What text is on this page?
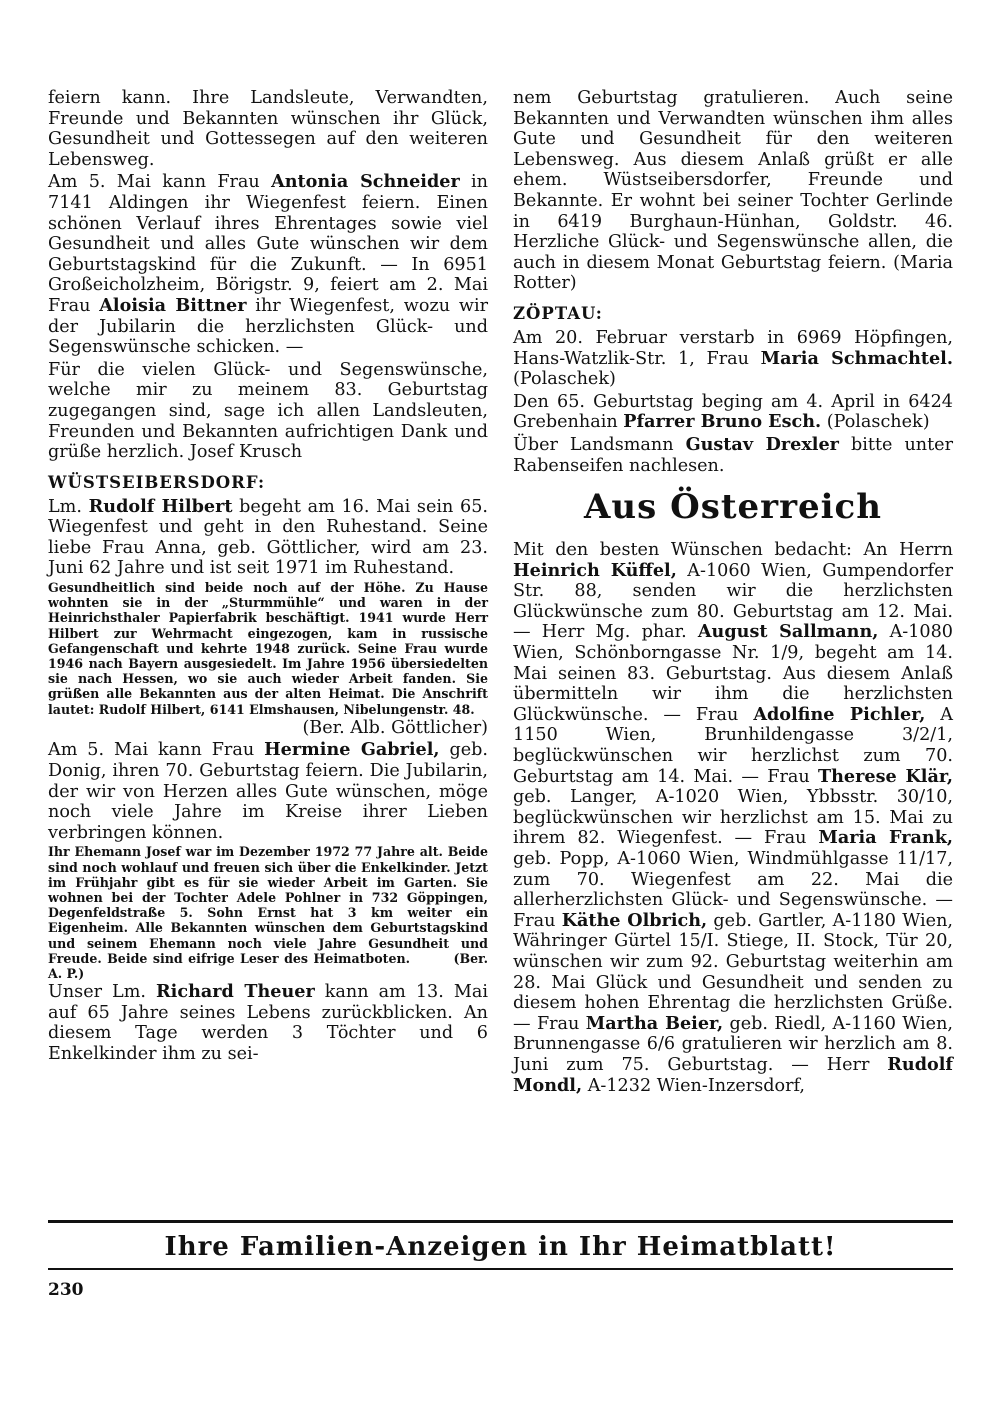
feiern kann. Ihre Landsleute, Verwandten, Freunde und Bekannten wünschen ihr Glück, Gesundheit und Gottessegen auf den weiteren Lebensweg.

Am 5. Mai kann Frau Antonia Schneider in 7141 Aldingen ihr Wiegenfest feiern. Einen schönen Verlauf ihres Ehrentages sowie viel Gesundheit und alles Gute wünschen wir dem Geburtstagskind für die Zukunft. — In 6951 Großeicholzheim, Börigstr. 9, feiert am 2. Mai Frau Aloisia Bittner ihr Wiegenfest, wozu wir der Jubilarin die herzlichsten Glück- und Segenswünsche schicken. —

Für die vielen Glück- und Segenswünsche, welche mir zu meinem 83. Geburtstag zugegangen sind, sage ich allen Landsleuten, Freunden und Bekannten aufrichtigen Dank und grüße herzlich. Josef Krusch

WÜSTSEIBERSDORF:

Lm. Rudolf Hilbert begeht am 16. Mai sein 65. Wiegenfest und geht in den Ruhestand. Seine liebe Frau Anna, geb. Göttlicher, wird am 23. Juni 62 Jahre und ist seit 1971 im Ruhestand.

Gesundheitlich sind beide noch auf der Höhe. Zu Hause wohnten sie in der „Sturmmühle“ und waren in der Heinrichsthaler Papierfabrik beschäftigt. 1941 wurde Herr Hilbert zur Wehrmacht eingezogen, kam in russische Gefangenschaft und kehrte 1948 zurück. Seine Frau wurde 1946 nach Bayern ausgesiedelt. Im Jahre 1956 übersiedelten sie nach Hessen, wo sie auch wieder Arbeit fanden. Sie grüßen alle Bekannten aus der alten Heimat. Die Anschrift lautet: Rudolf Hilbert, 6141 Elmshausen, Nibelungenstr. 48.

(Ber. Alb. Göttlicher)

Am 5. Mai kann Frau Hermine Gabriel, geb. Donig, ihren 70. Geburtstag feiern. Die Jubilarin, der wir von Herzen alles Gute wünschen, möge noch viele Jahre im Kreise ihrer Lieben verbringen können.

Ihr Ehemann Josef war im Dezember 1972 77 Jahre alt. Beide sind noch wohlauf und freuen sich über die Enkelkinder. Jetzt im Frühjahr gibt es für sie wieder Arbeit im Garten. Sie wohnen bei der Tochter Adele Pohlner in 732 Göppingen, Degenfeldstraße 5. Sohn Ernst hat 3 km weiter ein Eigenheim. Alle Bekannten wünschen dem Geburtstagskind und seinem Ehemann noch viele Jahre Gesundheit und Freude. Beide sind eifrige Leser des Heimatboten.        (Ber. A. P.)

Unser Lm. Richard Theuer kann am 13. Mai auf 65 Jahre seines Lebens zurückblicken. An diesem Tage werden 3 Töchter und 6 Enkelkinder ihm zu sei-

nem Geburtstag gratulieren. Auch seine Bekannten und Verwandten wünschen ihm alles Gute und Gesundheit für den weiteren Lebensweg. Aus diesem Anlaß grüßt er alle ehem. Wüstseibersdorfer, Freunde und Bekannte. Er wohnt bei seiner Tochter Gerlinde in 6419 Burghaun-Hünhan, Goldstr. 46. Herzliche Glück- und Segenswünsche allen, die auch in diesem Monat Geburtstag feiern. (Maria Rotter)

ZÖPTAU:

Am 20. Februar verstarb in 6969 Höpfingen, Hans-Watzlik-Str. 1, Frau Maria Schmachtel. (Polaschek)

Den 65. Geburtstag beging am 4. April in 6424 Grebenhain Pfarrer Bruno Esch. (Polaschek)

Über Landsmann Gustav Drexler bitte unter Rabenseifen nachlesen.

Aus Österreich

Mit den besten Wünschen bedacht: An Herrn Heinrich Küffel, A-1060 Wien, Gumpendorfer Str. 88, senden wir die herzlichsten Glückwünsche zum 80. Geburtstag am 12. Mai. — Herr Mg. phar. August Sallmann, A-1080 Wien, Schönborngasse Nr. 1/9, begeht am 14. Mai seinen 83. Geburtstag. Aus diesem Anlaß übermitteln wir ihm die herzlichsten Glückwünsche. — Frau Adolfine Pichler, A 1150 Wien, Brunhildengasse 3/2/1, beglückwünschen wir herzlichst zum 70. Geburtstag am 14. Mai. — Frau Therese Klär, geb. Langer, A-1020 Wien, Ybbsstr. 30/10, beglückwünschen wir herzlichst am 15. Mai zu ihrem 82. Wiegenfest. — Frau Maria Frank, geb. Popp, A-1060 Wien, Windmühlgasse 11/17, zum 70. Wiegenfest am 22. Mai die allerherzlichsten Glück- und Segenswünsche. — Frau Käthe Olbrich, geb. Gartler, A-1180 Wien, Währinger Gürtel 15/I. Stiege, II. Stock, Tür 20, wünschen wir zum 92. Geburtstag weiterhin am 28. Mai Glück und Gesundheit und senden zu diesem hohen Ehrentag die herzlichsten Grüße. — Frau Martha Beier, geb. Riedl, A-1160 Wien, Brunnengasse 6/6 gratulieren wir herzlich am 8. Juni zum 75. Geburtstag. — Herr Rudolf Mondl, A-1232 Wien-Inzersdorf,

Ihre Familien-Anzeigen in Ihr Heimatblatt!
230
